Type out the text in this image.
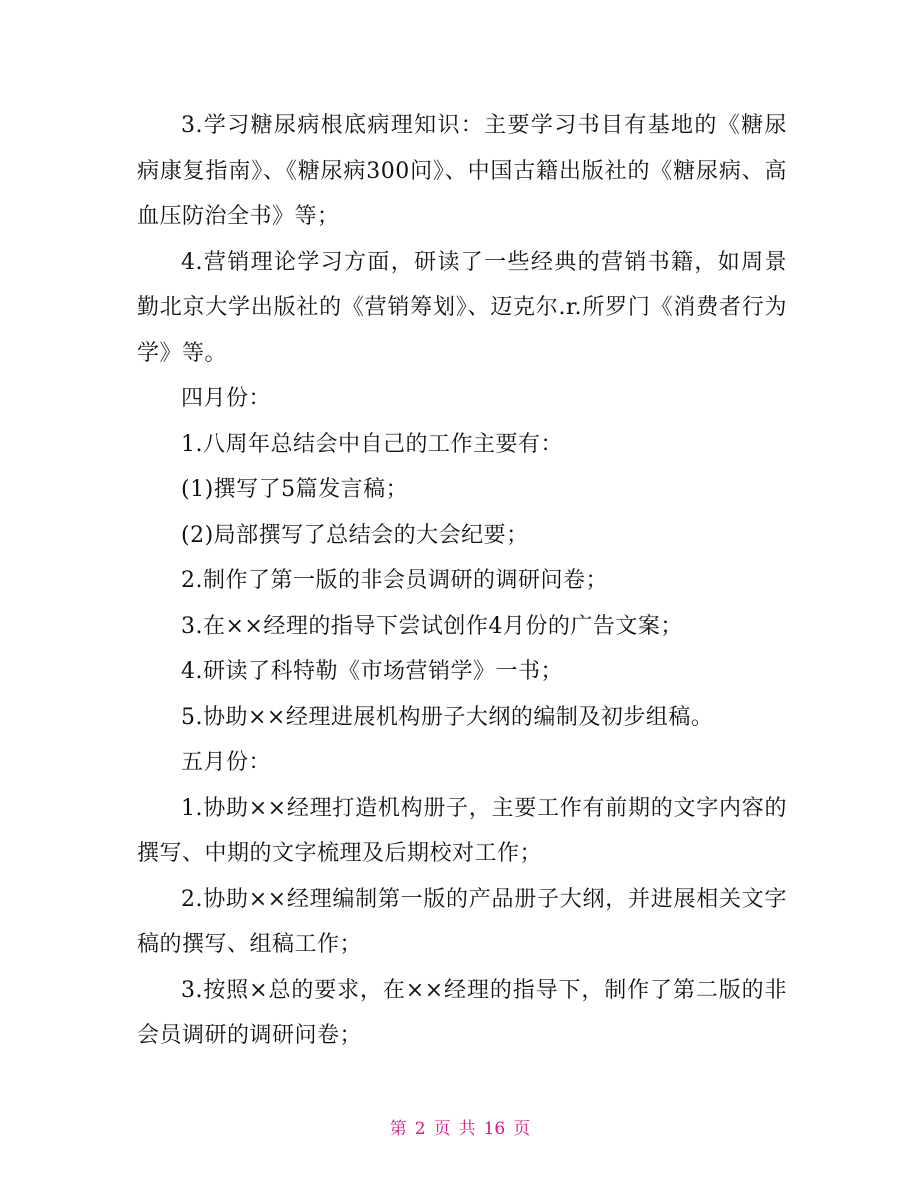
3.学习糖尿病根底病理知识：主要学习书目有基地的《糖尿病康复指南》、《糖尿病300问》、中国古籍出版社的《糖尿病、高血压防治全书》等；

4.营销理论学习方面，研读了一些经典的营销书籍，如周景勤北京大学出版社的《营销筹划》、迈克尔.r.所罗门《消费者行为学》等。

四月份：

1.八周年总结会中自己的工作主要有：

(1)撰写了5篇发言稿；

(2)局部撰写了总结会的大会纪要；

2.制作了第一版的非会员调研的调研问卷；

3.在××经理的指导下尝试创作4月份的广告文案；

4.研读了科特勒《市场营销学》一书；

5.协助××经理进展机构册子大纲的编制及初步组稿。

五月份：

1.协助××经理打造机构册子，主要工作有前期的文字内容的撰写、中期的文字梳理及后期校对工作；

2.协助××经理编制第一版的产品册子大纲，并进展相关文字稿的撰写、组稿工作；

3.按照×总的要求，在××经理的指导下，制作了第二版的非会员调研的调研问卷；

第 2 页 共 16 页
